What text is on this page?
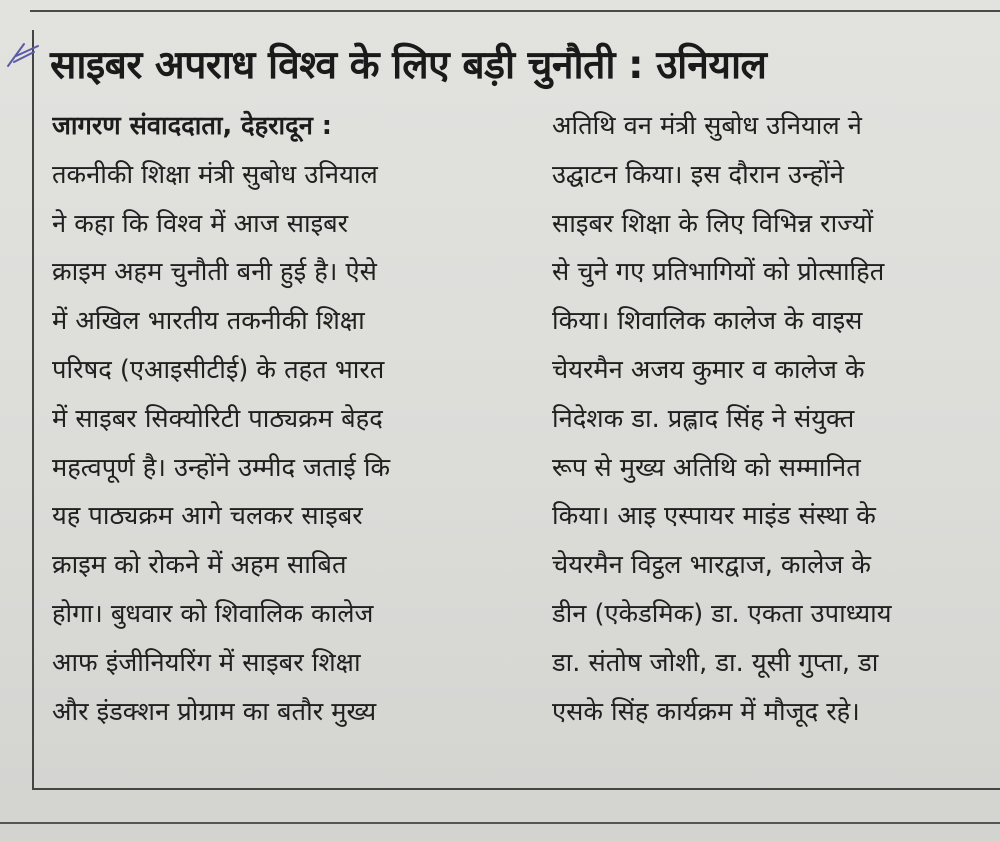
साइबर अपराध विश्व के लिए बड़ी चुनौती : उनियाल
जागरण संवाददाता, देहरादून :
तकनीकी शिक्षा मंत्री सुबोध उनियाल
ने कहा कि विश्व में आज साइबर
क्राइम अहम चुनौती बनी हुई है। ऐसे
में अखिल भारतीय तकनीकी शिक्षा
परिषद (एआइसीटीई) के तहत भारत
में साइबर सिक्योरिटी पाठ्यक्रम बेहद
महत्वपूर्ण है। उन्होंने उम्मीद जताई कि
यह पाठ्यक्रम आगे चलकर साइबर
क्राइम को रोकने में अहम साबित
होगा। बुधवार को शिवालिक कालेज
आफ इंजीनियरिंग में साइबर शिक्षा
और इंडक्शन प्रोग्राम का बतौर मुख्य
अतिथि वन मंत्री सुबोध उनियाल ने
उद्घाटन किया। इस दौरान उन्होंने
साइबर शिक्षा के लिए विभिन्न राज्यों
से चुने गए प्रतिभागियों को प्रोत्साहित
किया। शिवालिक कालेज के वाइस
चेयरमैन अजय कुमार व कालेज के
निदेशक डा. प्रह्लाद सिंह ने संयुक्त
रूप से मुख्य अतिथि को सम्मानित
किया। आइ एस्पायर माइंड संस्था के
चेयरमैन विट्ठल भारद्वाज, कालेज के
डीन (एकेडमिक) डा. एकता उपाध्याय
डा. संतोष जोशी, डा. यूसी गुप्ता, डा
एसके सिंह कार्यक्रम में मौजूद रहे।
